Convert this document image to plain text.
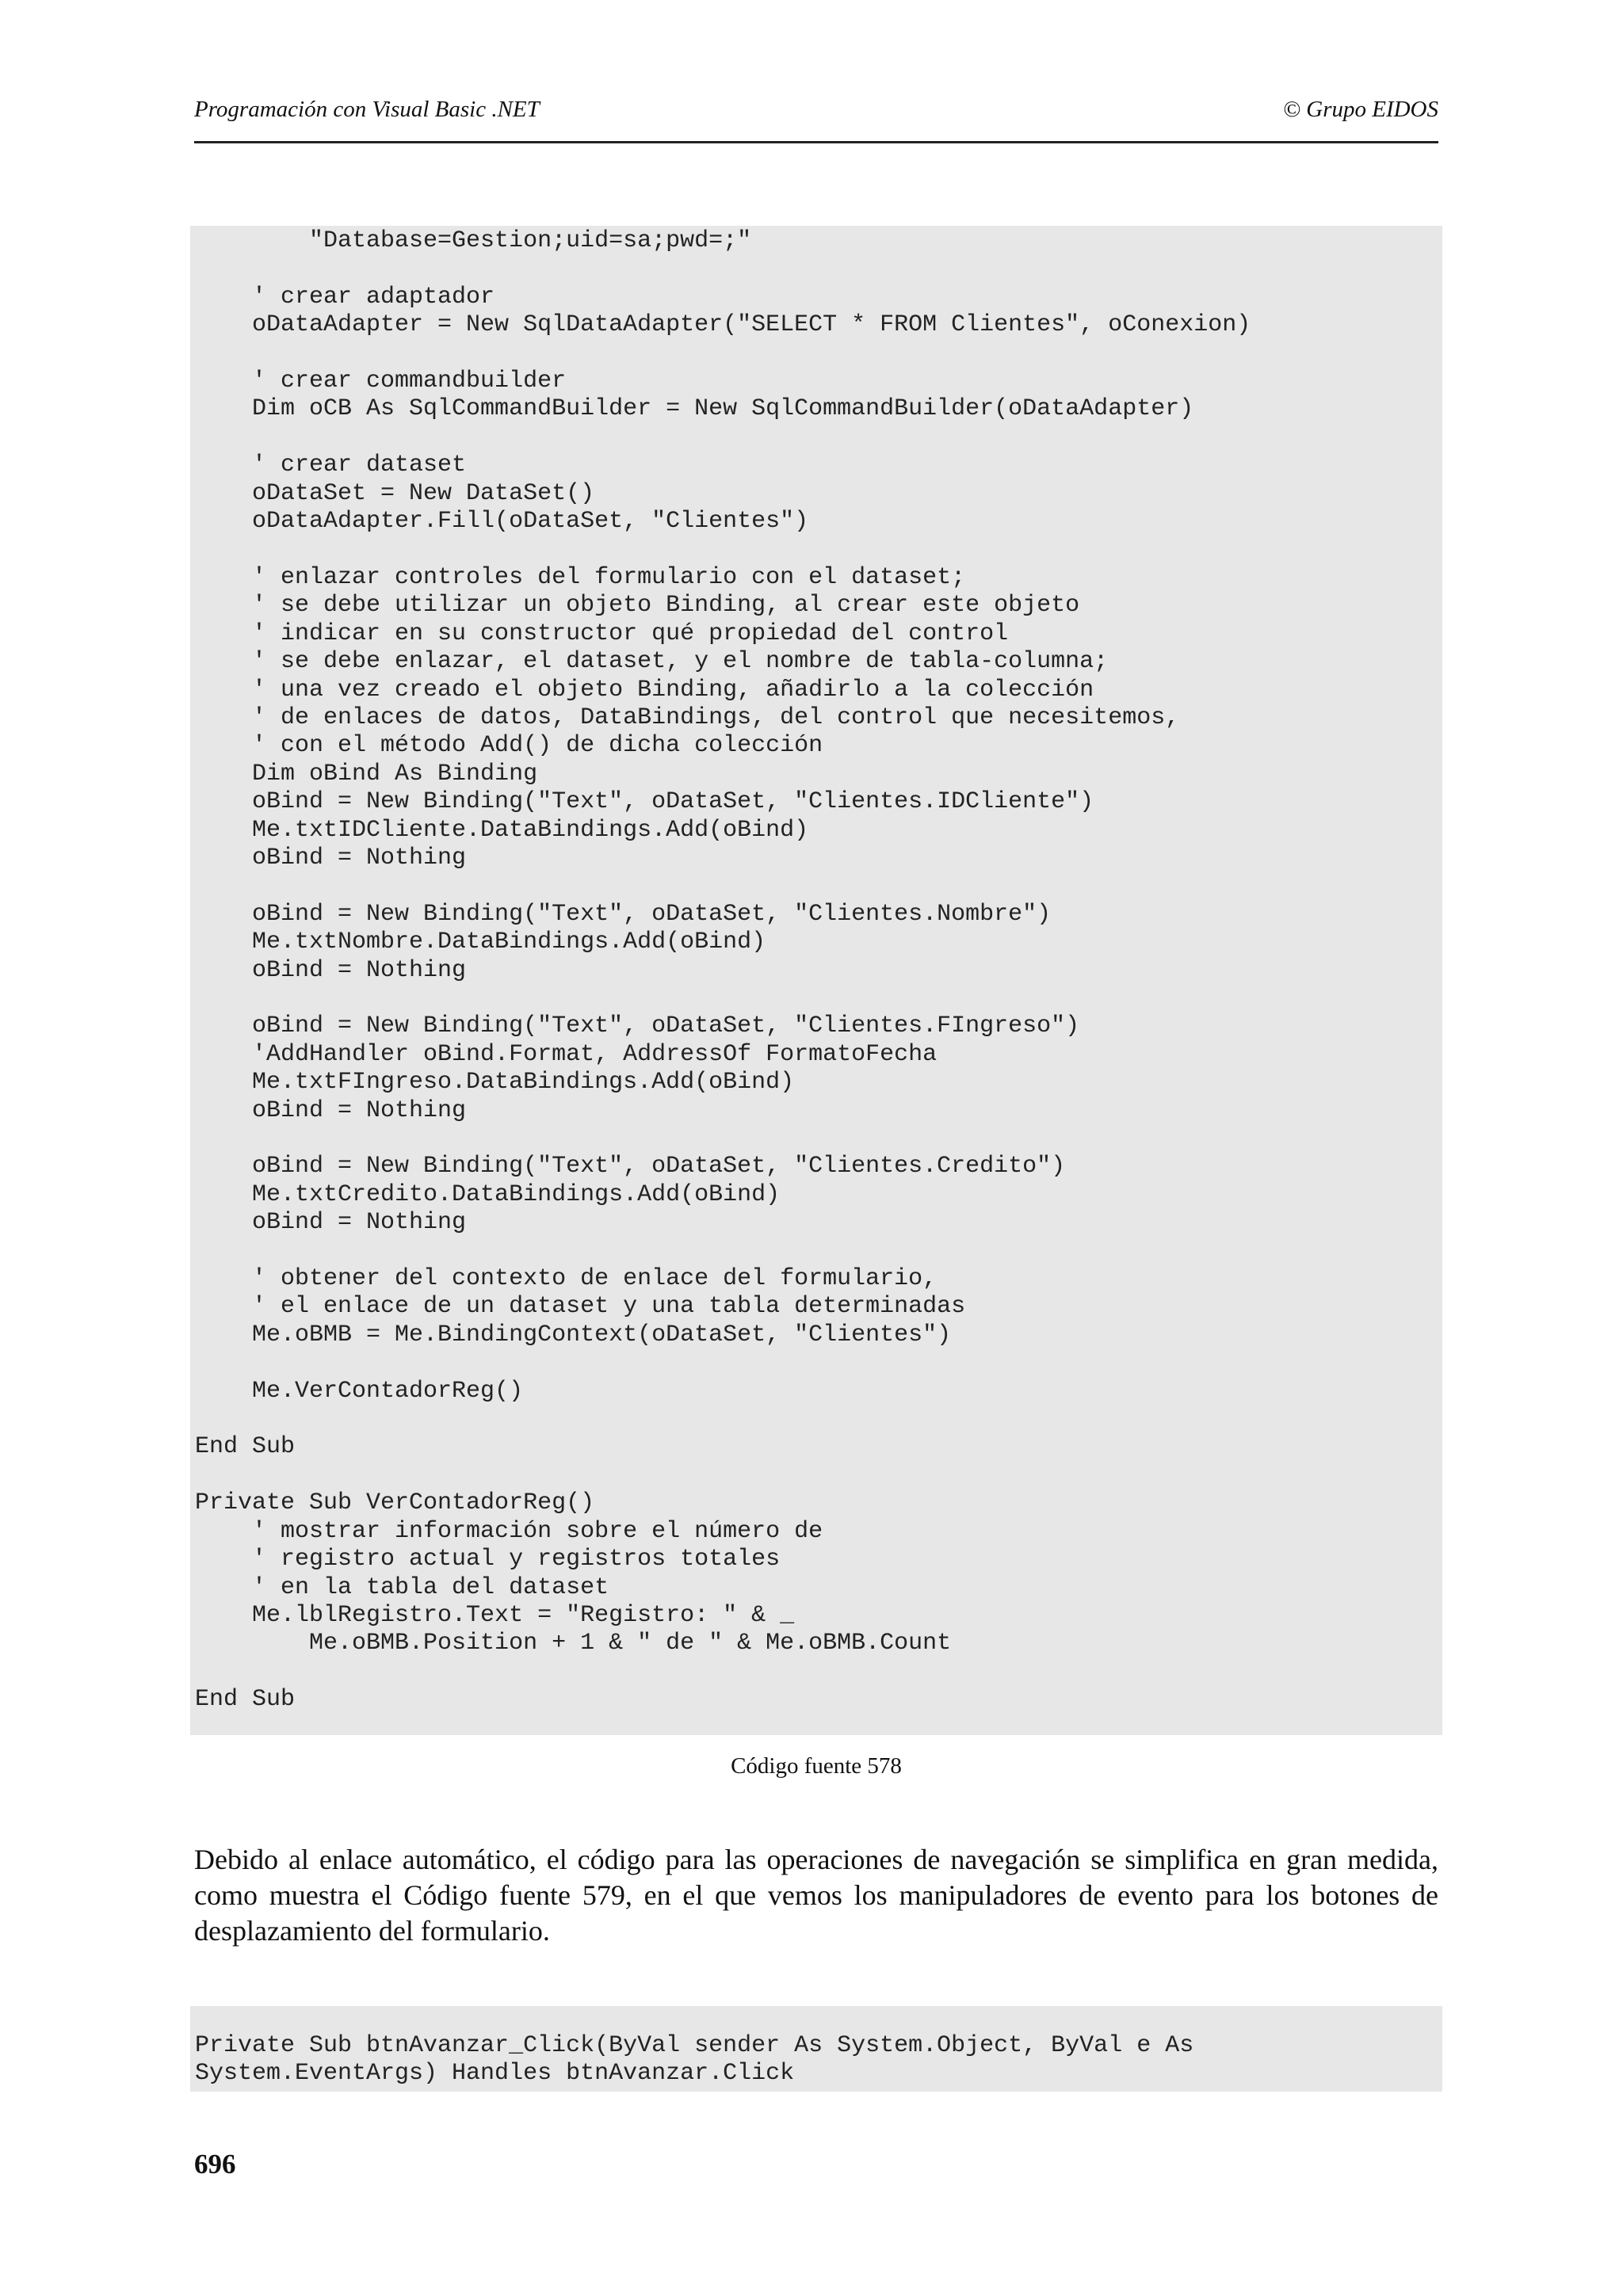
Programación con Visual Basic .NET	© Grupo EIDOS
"Database=Gestion;uid=sa;pwd=;"

' crear adaptador
oDataAdapter = New SqlDataAdapter("SELECT * FROM Clientes", oConexion)

' crear commandbuilder
Dim oCB As SqlCommandBuilder = New SqlCommandBuilder(oDataAdapter)

' crear dataset
oDataSet = New DataSet()
oDataAdapter.Fill(oDataSet, "Clientes")

' enlazar controles del formulario con el dataset;
' se debe utilizar un objeto Binding, al crear este objeto
' indicar en su constructor qué propiedad del control
' se debe enlazar, el dataset, y el nombre de tabla-columna;
' una vez creado el objeto Binding, añadirlo a la colección
' de enlaces de datos, DataBindings, del control que necesitemos,
' con el método Add() de dicha colección
Dim oBind As Binding
oBind = New Binding("Text", oDataSet, "Clientes.IDCliente")
Me.txtIDCliente.DataBindings.Add(oBind)
oBind = Nothing

oBind = New Binding("Text", oDataSet, "Clientes.Nombre")
Me.txtNombre.DataBindings.Add(oBind)
oBind = Nothing

oBind = New Binding("Text", oDataSet, "Clientes.FIngreso")
'AddHandler oBind.Format, AddressOf FormatoFecha
Me.txtFIngreso.DataBindings.Add(oBind)
oBind = Nothing

oBind = New Binding("Text", oDataSet, "Clientes.Credito")
Me.txtCredito.DataBindings.Add(oBind)
oBind = Nothing

' obtener del contexto de enlace del formulario,
' el enlace de un dataset y una tabla determinadas
Me.oBMB = Me.BindingContext(oDataSet, "Clientes")

Me.VerContadorReg()

End Sub

Private Sub VerContadorReg()
' mostrar información sobre el número de
' registro actual y registros totales
' en la tabla del dataset
Me.lblRegistro.Text = "Registro: " & _
Me.oBMB.Position + 1 & " de " & Me.oBMB.Count

End Sub
Código fuente 578

Debido al enlace automático, el código para las operaciones de navegación se simplifica en gran medida, como muestra el Código fuente 579, en el que vemos los manipuladores de evento para los botones de desplazamiento del formulario.

Private Sub btnAvanzar_Click(ByVal sender As System.Object, ByVal e As
System.EventArgs) Handles btnAvanzar.Click
696
